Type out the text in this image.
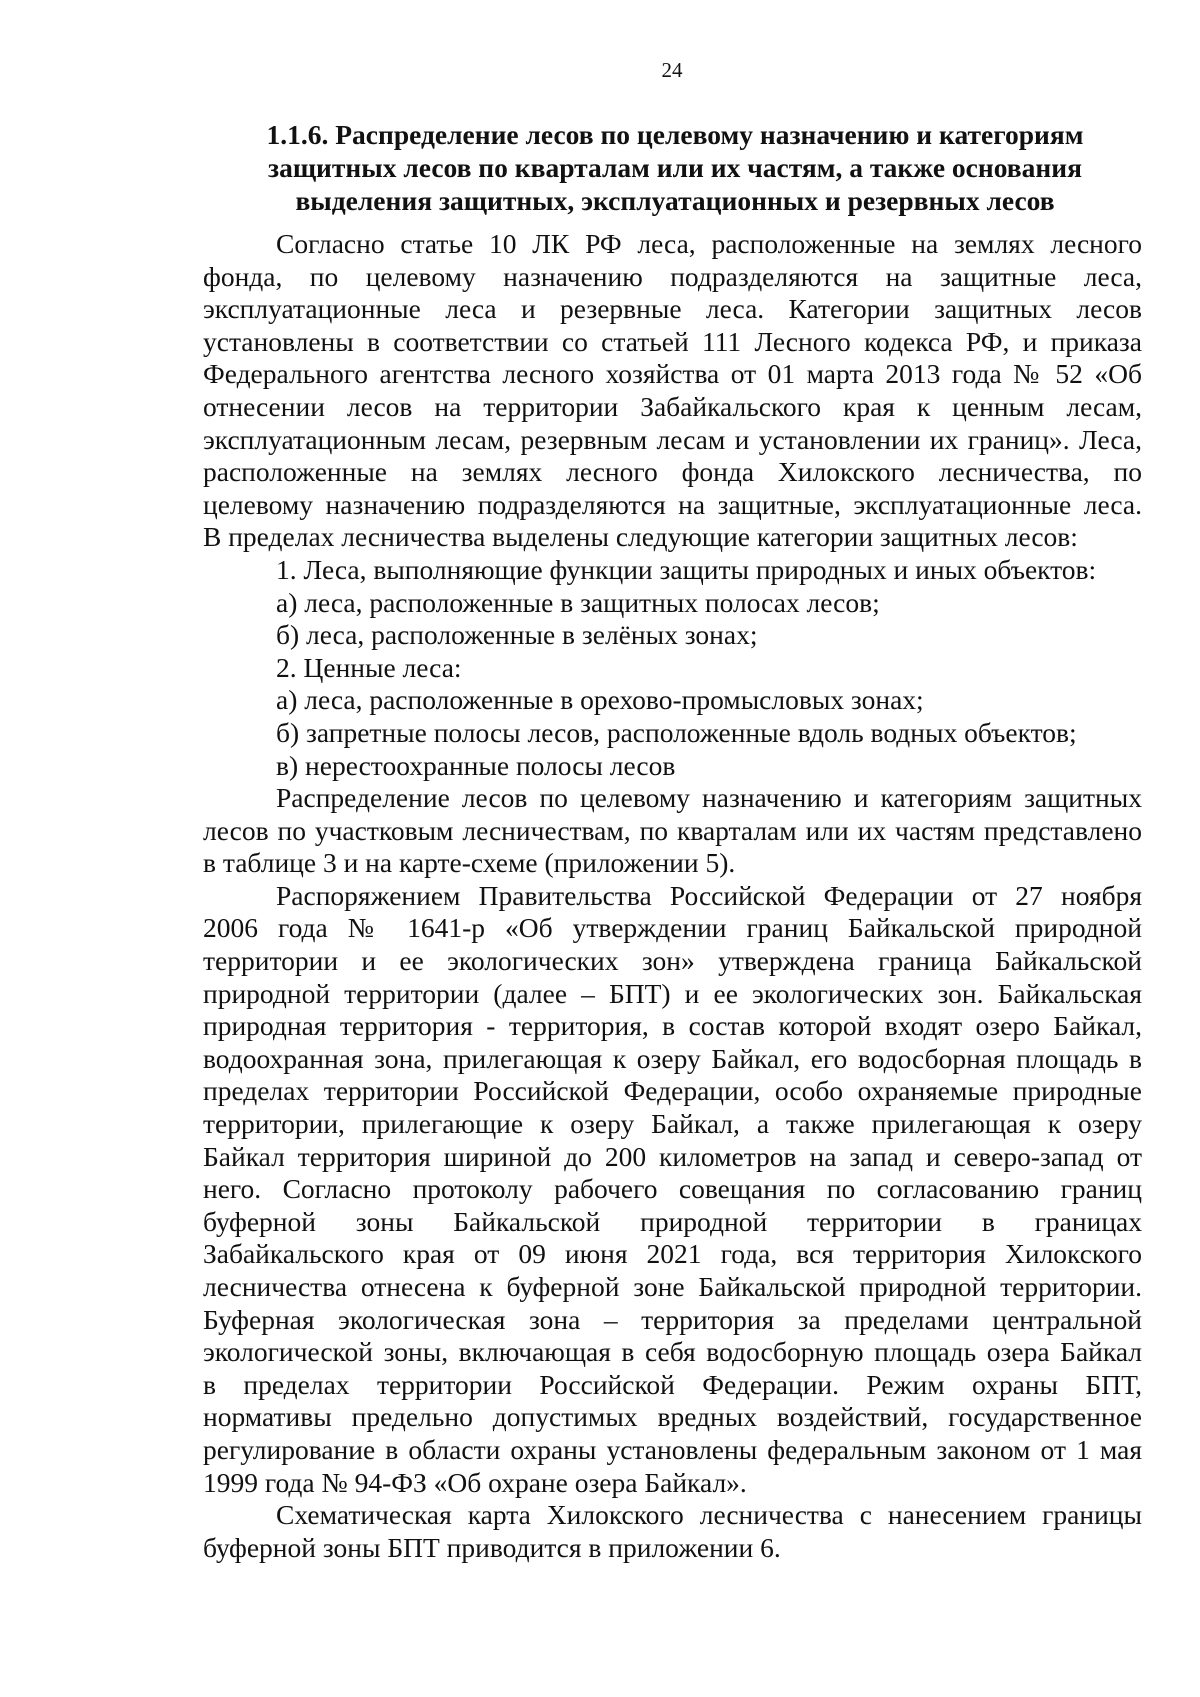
24
1.1.6. Распределение лесов по целевому назначению и категориям
защитных лесов по кварталам или их частям, а также основания
выделения защитных, эксплуатационных и резервных лесов
Согласно статье 10 ЛК РФ леса, расположенные на землях лесного
фонда, по целевому назначению подразделяются на защитные леса,
эксплуатационные леса и резервные леса. Категории защитных лесов
установлены в соответствии со статьей 111 Лесного кодекса РФ, и приказа
Федерального агентства лесного хозяйства от 01 марта 2013 года № 52 «Об
отнесении лесов на территории Забайкальского края к ценным лесам,
эксплуатационным лесам, резервным лесам и установлении их границ». Леса,
расположенные на землях лесного фонда Хилокского лесничества, по
целевому назначению подразделяются на защитные, эксплуатационные леса.
В пределах лесничества выделены следующие категории защитных лесов:
1. Леса, выполняющие функции защиты природных и иных объектов:
а) леса, расположенные в защитных полосах лесов;
б) леса, расположенные в зелёных зонах;
2. Ценные леса:
а) леса, расположенные в орехово-промысловых зонах;
б) запретные полосы лесов, расположенные вдоль водных объектов;
в) нерестоохранные полосы лесов
Распределение лесов по целевому назначению и категориям защитных
лесов по участковым лесничествам, по кварталам или их частям представлено
в таблице 3 и на карте-схеме (приложении 5).
Распоряжением Правительства Российской Федерации от 27 ноября
2006 года № 1641-р «Об утверждении границ Байкальской природной
территории и ее экологических зон» утверждена граница Байкальской
природной территории (далее – БПТ) и ее экологических зон. Байкальская
природная территория - территория, в состав которой входят озеро Байкал,
водоохранная зона, прилегающая к озеру Байкал, его водосборная площадь в
пределах территории Российской Федерации, особо охраняемые природные
территории, прилегающие к озеру Байкал, а также прилегающая к озеру
Байкал территория шириной до 200 километров на запад и северо-запад от
него. Согласно протоколу рабочего совещания по согласованию границ
буферной зоны Байкальской природной территории в границах
Забайкальского края от 09 июня 2021 года, вся территория Хилокского
лесничества отнесена к буферной зоне Байкальской природной территории.
Буферная экологическая зона – территория за пределами центральной
экологической зоны, включающая в себя водосборную площадь озера Байкал
в пределах территории Российской Федерации. Режим охраны БПТ,
нормативы предельно допустимых вредных воздействий, государственное
регулирование в области охраны установлены федеральным законом от 1 мая
1999 года № 94-ФЗ «Об охране озера Байкал».
Схематическая карта Хилокского лесничества с нанесением границы
буферной зоны БПТ приводится в приложении 6.
